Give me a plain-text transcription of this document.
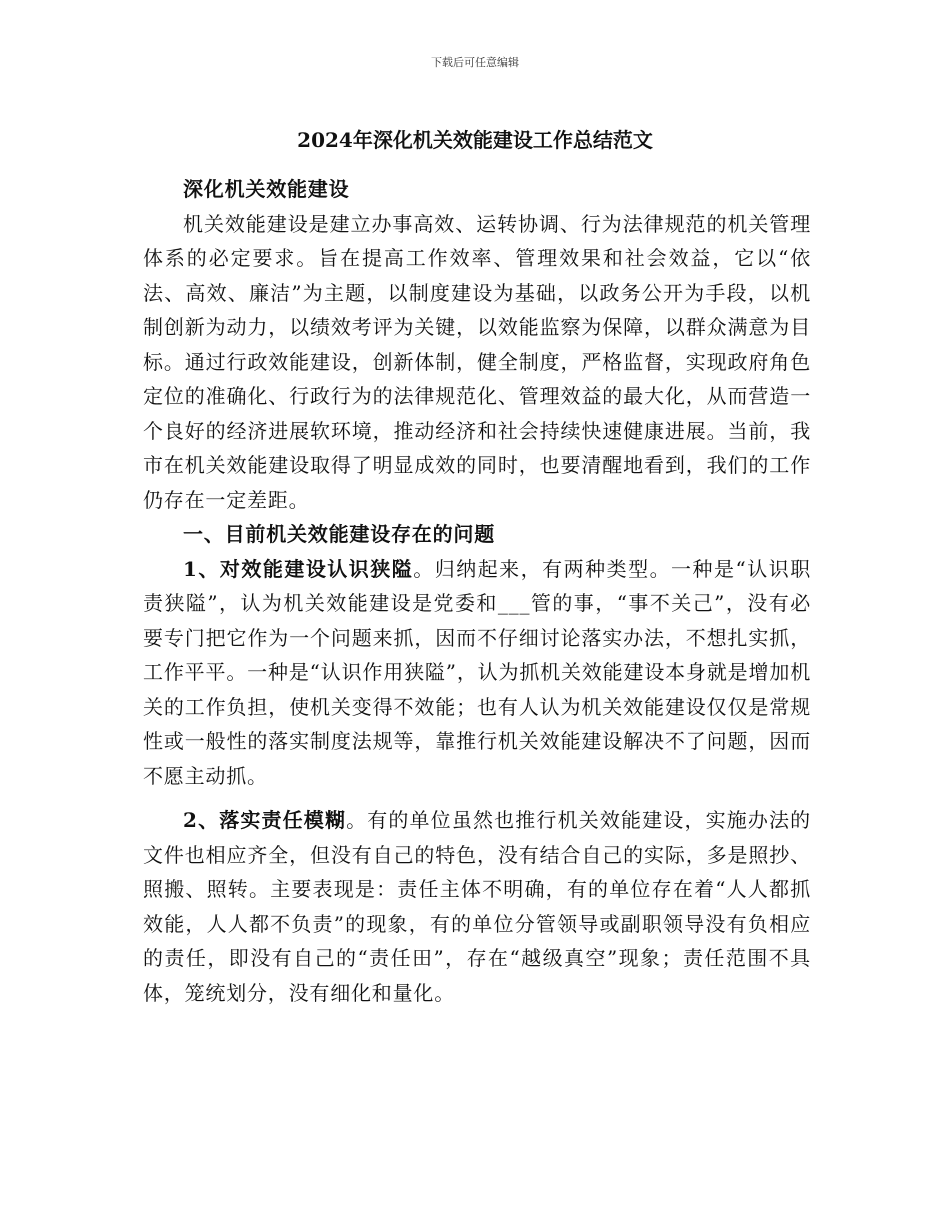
下载后可任意编辑
2024年深化机关效能建设工作总结范文

深化机关效能建设

机关效能建设是建立办事高效、运转协调、行为法律规范的机关管理体系的必定要求。旨在提高工作效率、管理效果和社会效益，它以“依法、高效、廉洁”为主题，以制度建设为基础，以政务公开为手段，以机制创新为动力，以绩效考评为关键，以效能监察为保障，以群众满意为目标。通过行政效能建设，创新体制，健全制度，严格监督，实现政府角色定位的准确化、行政行为的法律规范化、管理效益的最大化，从而营造一个良好的经济进展软环境，推动经济和社会持续快速健康进展。当前，我市在机关效能建设取得了明显成效的同时，也要清醒地看到，我们的工作仍存在一定差距。

一、目前机关效能建设存在的问题

1、对效能建设认识狭隘。归纳起来，有两种类型。一种是“认识职责狭隘”，认为机关效能建设是党委和___管的事，“事不关己”，没有必要专门把它作为一个问题来抓，因而不仔细讨论落实办法，不想扎实抓，工作平平。一种是“认识作用狭隘”，认为抓机关效能建设本身就是增加机关的工作负担，使机关变得不效能；也有人认为机关效能建设仅仅是常规性或一般性的落实制度法规等，靠推行机关效能建设解决不了问题，因而不愿主动抓。

2、落实责任模糊。有的单位虽然也推行机关效能建设，实施办法的文件也相应齐全，但没有自己的特色，没有结合自己的实际，多是照抄、照搬、照转。主要表现是：责任主体不明确，有的单位存在着“人人都抓效能，人人都不负责”的现象，有的单位分管领导或副职领导没有负相应的责任，即没有自己的“责任田”，存在“越级真空”现象；责任范围不具体，笼统划分，没有细化和量化。
